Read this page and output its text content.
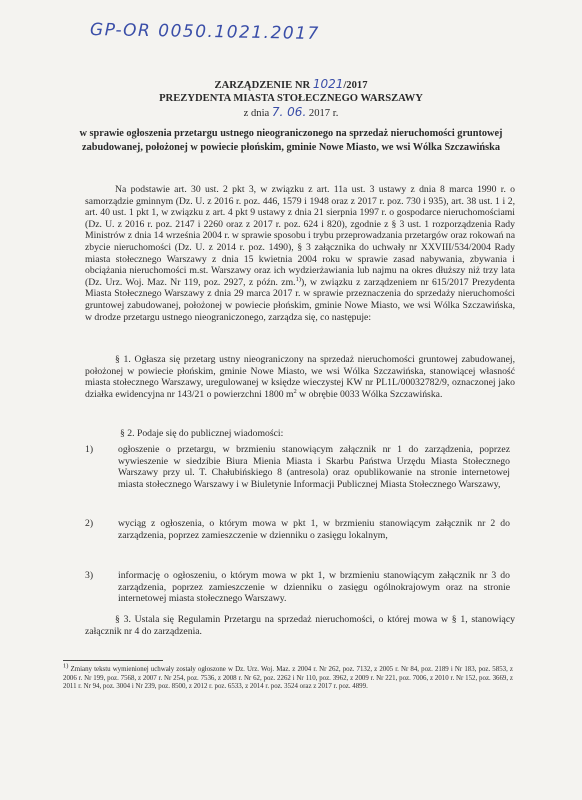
GP-OR 0050.1021.2017
ZARZĄDZENIE NR 1021/2017
PREZYDENTA MIASTA STOŁECZNEGO WARSZAWY
z dnia 7. 06. 2017 r.
w sprawie ogłoszenia przetargu ustnego nieograniczonego na sprzedaż nieruchomości gruntowej zabudowanej, położonej w powiecie płońskim, gminie Nowe Miasto, we wsi Wólka Szczawińska
Na podstawie art. 30 ust. 2 pkt 3, w związku z art. 11a ust. 3 ustawy z dnia 8 marca 1990 r. o samorządzie gminnym (Dz. U. z 2016 r. poz. 446, 1579 i 1948 oraz z 2017 r. poz. 730 i 935), art. 38 ust. 1 i 2, art. 40 ust. 1 pkt 1, w związku z art. 4 pkt 9 ustawy z dnia 21 sierpnia 1997 r. o gospodarce nieruchomościami (Dz. U. z 2016 r. poz. 2147 i 2260 oraz z 2017 r. poz. 624 i 820), zgodnie z § 3 ust. 1 rozporządzenia Rady Ministrów z dnia 14 września 2004 r. w sprawie sposobu i trybu przeprowadzania przetargów oraz rokowań na zbycie nieruchomości (Dz. U. z 2014 r. poz. 1490), § 3 załącznika do uchwały nr XXVIII/534/2004 Rady miasta stołecznego Warszawy z dnia 15 kwietnia 2004 roku w sprawie zasad nabywania, zbywania i obciążania nieruchomości m.st. Warszawy oraz ich wydzierżawiania lub najmu na okres dłuższy niż trzy lata (Dz. Urz. Woj. Maz. Nr 119, poz. 2927, z późn. zm.$^{1)}$), w związku z zarządzeniem nr 615/2017 Prezydenta Miasta Stołecznego Warszawy z dnia 29 marca 2017 r. w sprawie przeznaczenia do sprzedaży nieruchomości gruntowej zabudowanej, położonej w powiecie płońskim, gminie Nowe Miasto, we wsi Wólka Szczawińska, w drodze przetargu ustnego nieograniczonego, zarządza się, co następuje:
§ 1. Ogłasza się przetarg ustny nieograniczony na sprzedaż nieruchomości gruntowej zabudowanej, położonej w powiecie płońskim, gminie Nowe Miasto, we wsi Wólka Szczawińska, stanowiącej własność miasta stołecznego Warszawy, uregulowanej w księdze wieczystej KW nr PL1L/00032782/9, oznaczonej jako działka ewidencyjna nr 143/21 o powierzchni 1800 $m^2$ w obrębie 0033 Wólka Szczawińska.
§ 2. Podaje się do publicznej wiadomości:
1)	ogłoszenie o przetargu, w brzmieniu stanowiącym załącznik nr 1 do zarządzenia, poprzez wywieszenie w siedzibie Biura Mienia Miasta i Skarbu Państwa Urzędu Miasta Stołecznego Warszawy przy ul. T. Chałubińskiego 8 (antresola) oraz opublikowanie na stronie internetowej miasta stołecznego Warszawy i w Biuletynie Informacji Publicznej Miasta Stołecznego Warszawy,
2)	wyciąg z ogłoszenia, o którym mowa w pkt 1, w brzmieniu stanowiącym załącznik nr 2 do zarządzenia, poprzez zamieszczenie w dzienniku o zasięgu lokalnym,
3)	informację o ogłoszeniu, o którym mowa w pkt 1, w brzmieniu stanowiącym załącznik nr 3 do zarządzenia, poprzez zamieszczenie w dzienniku o zasięgu ogólnokrajowym oraz na stronie internetowej miasta stołecznego Warszawy.
§ 3. Ustala się Regulamin Przetargu na sprzedaż nieruchomości, o której mowa w § 1, stanowiący załącznik nr 4 do zarządzenia.
$^{1)}$ Zmiany tekstu wymienionej uchwały zostały ogłoszone w Dz. Urz. Woj. Maz. z 2004 r. Nr 262, poz. 7132, z 2005 r. Nr 84, poz. 2189 i Nr 183, poz. 5853, z 2006 r. Nr 199, poz. 7568, z 2007 r. Nr 254, poz. 7536, z 2008 r. Nr 62, poz. 2262 i Nr 110, poz. 3962, z 2009 r. Nr 221, poz. 7006, z 2010 r. Nr 152, poz. 3669, z 2011 r. Nr 94, poz. 3004 i Nr 239, poz. 8500, z 2012 r. poz. 6533, z 2014 r. poz. 3524 oraz z 2017 r. poz. 4899.
